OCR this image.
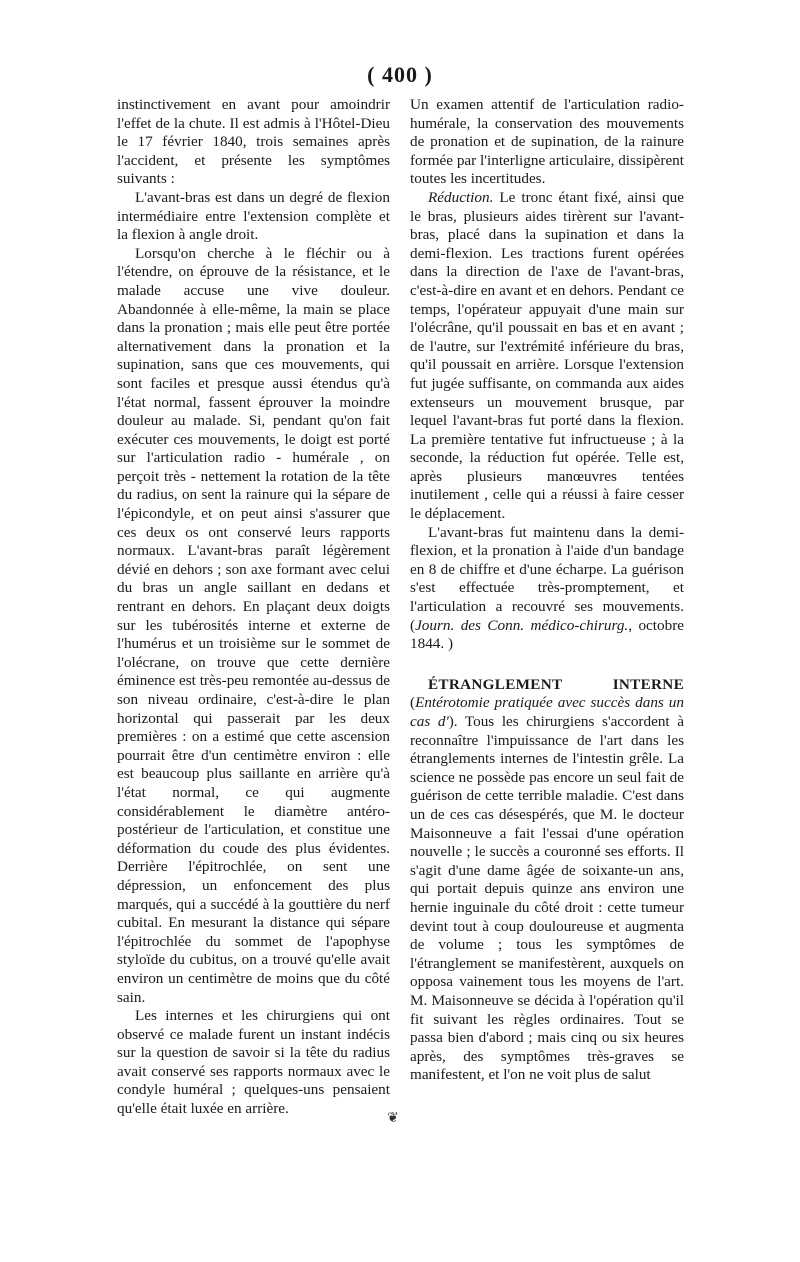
( 400 )

instinctivement en avant pour amoindrir l'effet de la chute. Il est admis à l'Hôtel-Dieu le 17 février 1840, trois semaines après l'accident, et présente les symptômes suivants :

L'avant-bras est dans un degré de flexion intermédiaire entre l'extension complète et la flexion à angle droit.

Lorsqu'on cherche à le fléchir ou à l'étendre, on éprouve de la résistance, et le malade accuse une vive douleur. Abandonnée à elle-même, la main se place dans la pronation ; mais elle peut être portée alternativement dans la pronation et la supination, sans que ces mouvements, qui sont faciles et presque aussi étendus qu'à l'état normal, fassent éprouver la moindre douleur au malade. Si, pendant qu'on fait exécuter ces mouvements, le doigt est porté sur l'articulation radio - humérale , on perçoit très - nettement la rotation de la tête du radius, on sent la rainure qui la sépare de l'épicondyle, et on peut ainsi s'assurer que ces deux os ont conservé leurs rapports normaux. L'avant-bras paraît légèrement dévié en dehors ; son axe formant avec celui du bras un angle saillant en dedans et rentrant en dehors. En plaçant deux doigts sur les tubérosités interne et externe de l'humérus et un troisième sur le sommet de l'olécrane, on trouve que cette dernière éminence est très-peu remontée au-dessus de son niveau ordinaire, c'est-à-dire le plan horizontal qui passerait par les deux premières : on a estimé que cette ascension pourrait être d'un centimètre environ : elle est beaucoup plus saillante en arrière qu'à l'état normal, ce qui augmente considérablement le diamètre antéro-postérieur de l'articulation, et constitue une déformation du coude des plus évidentes. Derrière l'épitrochlée, on sent une dépression, un enfoncement des plus marqués, qui a succédé à la gouttière du nerf cubital. En mesurant la distance qui sépare l'épitrochlée du sommet de l'apophyse styloïde du cubitus, on a trouvé qu'elle avait environ un centimètre de moins que du côté sain.

Les internes et les chirurgiens qui ont observé ce malade furent un instant indécis sur la question de savoir si la tête du radius avait conservé ses rapports normaux avec le condyle huméral ; quelques-uns pensaient qu'elle était luxée en arrière.

❦

Un examen attentif de l'articulation radio-humérale, la conservation des mouvements de pronation et de supination, de la rainure formée par l'interligne articulaire, dissipèrent toutes les incertitudes.

Réduction. Le tronc étant fixé, ainsi que le bras, plusieurs aides tirèrent sur l'avant-bras, placé dans la supination et dans la demi-flexion. Les tractions furent opérées dans la direction de l'axe de l'avant-bras, c'est-à-dire en avant et en dehors. Pendant ce temps, l'opérateur appuyait d'une main sur l'olécrâne, qu'il poussait en bas et en avant ; de l'autre, sur l'extrémité inférieure du bras, qu'il poussait en arrière. Lorsque l'extension fut jugée suffisante, on commanda aux aides extenseurs un mouvement brusque, par lequel l'avant-bras fut porté dans la flexion. La première tentative fut infructueuse ; à la seconde, la réduction fut opérée. Telle est, après plusieurs manœuvres tentées inutilement , celle qui a réussi à faire cesser le déplacement.

L'avant-bras fut maintenu dans la demi-flexion, et la pronation à l'aide d'un bandage en 8 de chiffre et d'une écharpe. La guérison s'est effectuée très-promptement, et l'articulation a recouvré ses mouvements. (Journ. des Conn. médico-chirurg., octobre 1844. )

ÉTRANGLEMENT INTERNE (Entérotomie pratiquée avec succès dans un cas d'). Tous les chirurgiens s'accordent à reconnaître l'impuissance de l'art dans les étranglements internes de l'intestin grêle. La science ne possède pas encore un seul fait de guérison de cette terrible maladie. C'est dans un de ces cas désespérés, que M. le docteur Maisonneuve a fait l'essai d'une opération nouvelle ; le succès a couronné ses efforts. Il s'agit d'une dame âgée de soixante-un ans, qui portait depuis quinze ans environ une hernie inguinale du côté droit : cette tumeur devint tout à coup douloureuse et augmenta de volume ; tous les symptômes de l'étranglement se manifestèrent, auxquels on opposa vainement tous les moyens de l'art. M. Maisonneuve se décida à l'opération qu'il fit suivant les règles ordinaires. Tout se passa bien d'abord ; mais cinq ou six heures après, des symptômes très-graves se manifestent, et l'on ne voit plus de salut
